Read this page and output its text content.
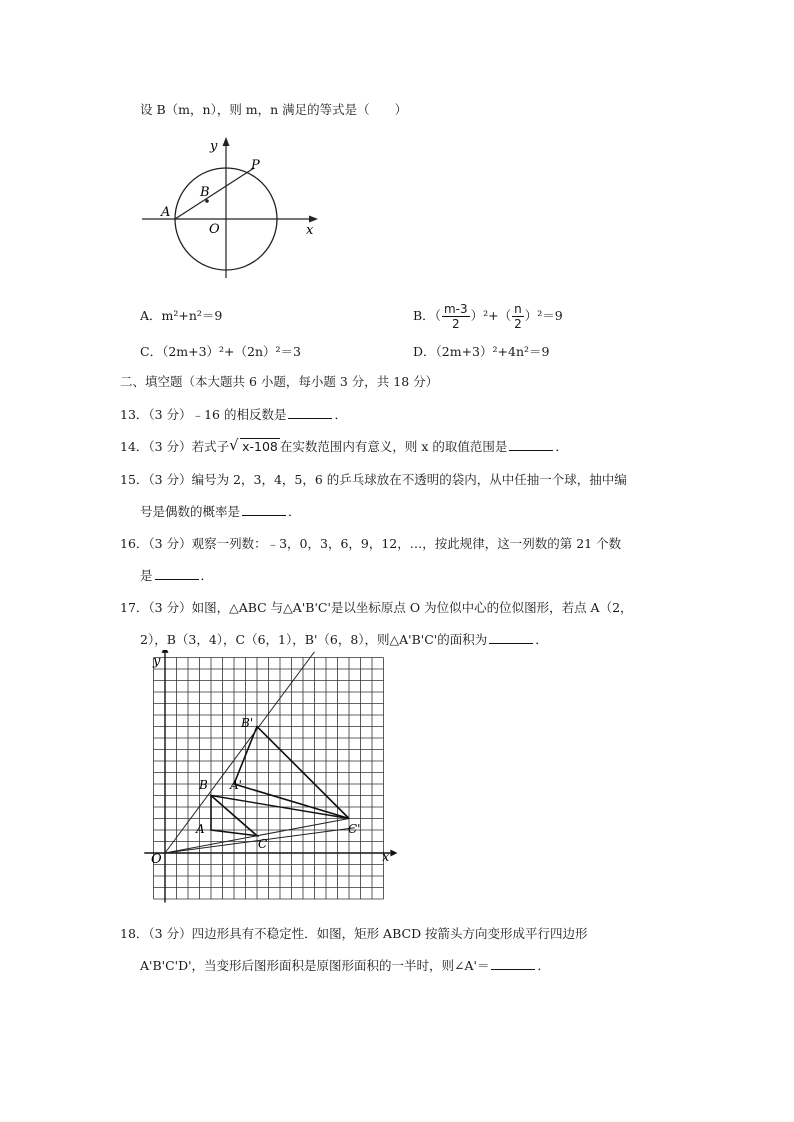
设 B（m，n），则 m，n 满足的等式是（　　）
y
x
O
A
B
P
A．m²+n²＝9	B．（ $\frac{m-3}{2} )^2+( \frac{n}{2} )^2=9$
C．（2m+3）²+（2n）²＝3	D．（2m+3）²+4n²＝9
二、填空题（本大题共 6 小题，每小题 3 分，共 18 分）
13．（3 分）﹣16 的相反数是	．
14．（3 分）若式子 √ x-108 在实数范围内有意义，则 x 的取值范围是	．
15．（3 分）编号为 2，3，4，5，6 的乒乓球放在不透明的袋内，从中任抽一个球，抽中编
号是偶数的概率是	．
16．（3 分）观察一列数：﹣3，0，3，6，9，12，…，按此规律，这一列数的第 21 个数
是	．
17．（3 分）如图，△ABC 与△A'B'C'是以坐标原点 O 为位似中心的位似图形，若点 A（2，
2），B（3，4），C（6，1），B'（6，8），则△A'B'C'的面积为	．
y
x
O
A
B
C
A'
B'
C'
18．（3 分）四边形具有不稳定性．如图，矩形 ABCD 按箭头方向变形成平行四边形
A'B'C'D'，当变形后图形面积是原图形面积的一半时，则∠A'＝	．
